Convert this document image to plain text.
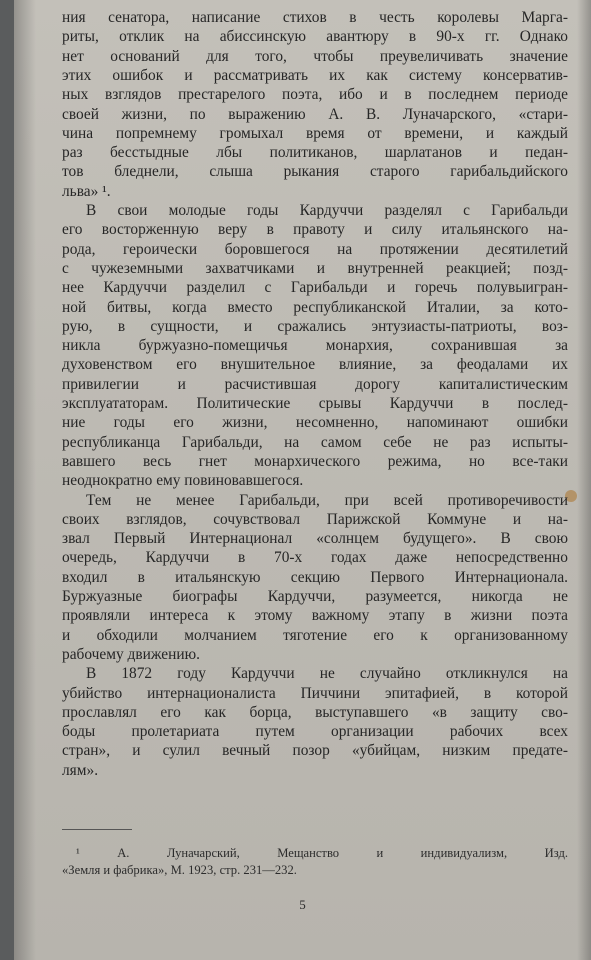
ния сенатора, написание стихов в честь королевы Марга-
риты, отклик на абиссинскую авантюру в 90-х гг. Однако
нет оснований для того, чтобы преувеличивать значение
этих ошибок и рассматривать их как систему консерватив-
ных взглядов престарелого поэта, ибо и в последнем периоде
своей жизни, по выражению А. В. Луначарского, «стари-
чина попремнему громыхал время от времени, и каждый
раз бесстыдные лбы политиканов, шарлатанов и педан-
тов бледнели, слыша рыкания старого гарибальдийского
льва» ¹.
В свои молодые годы Кардуччи разделял с Гарибальди
его восторженную веру в правоту и силу итальянского на-
рода, героически боровшегося на протяжении десятилетий
с чужеземными захватчиками и внутренней реакцией; позд-
нее Кардуччи разделил с Гарибальди и горечь полувыигран-
ной битвы, когда вместо республиканской Италии, за кото-
рую, в сущности, и сражались энтузиасты-патриоты, воз-
никла буржуазно-помещичья монархия, сохранившая за
духовенством его внушительное влияние, за феодалами их
привилегии и расчистившая дорогу капиталистическим
эксплуататорам. Политические срывы Кардуччи в послед-
ние годы его жизни, несомненно, напоминают ошибки
республиканца Гарибальди, на самом себе не раз испыты-
вавшего весь гнет монархического режима, но все-таки
неоднократно ему повиновавшегося.
Тем не менее Гарибальди, при всей противоречивости
своих взглядов, сочувствовал Парижской Коммуне и на-
звал Первый Интернационал «солнцем будущего». В свою
очередь, Кардуччи в 70-х годах даже непосредственно
входил в итальянскую секцию Первого Интернационала.
Буржуазные биографы Кардуччи, разумеется, никогда не
проявляли интереса к этому важному этапу в жизни поэта
и обходили молчанием тяготение его к организованному
рабочему движению.
В 1872 году Кардуччи не случайно откликнулся на
убийство интернационалиста Пиччини эпитафией, в которой
прославлял его как борца, выступавшего «в защиту сво-
боды пролетариата путем организации рабочих всех
стран», и сулил вечный позор «убийцам, низким предате-
лям».
¹ А. Луначарский, Мещанство и индивидуализм, Изд.
«Земля и фабрика», М. 1923, стр. 231—232.
5
